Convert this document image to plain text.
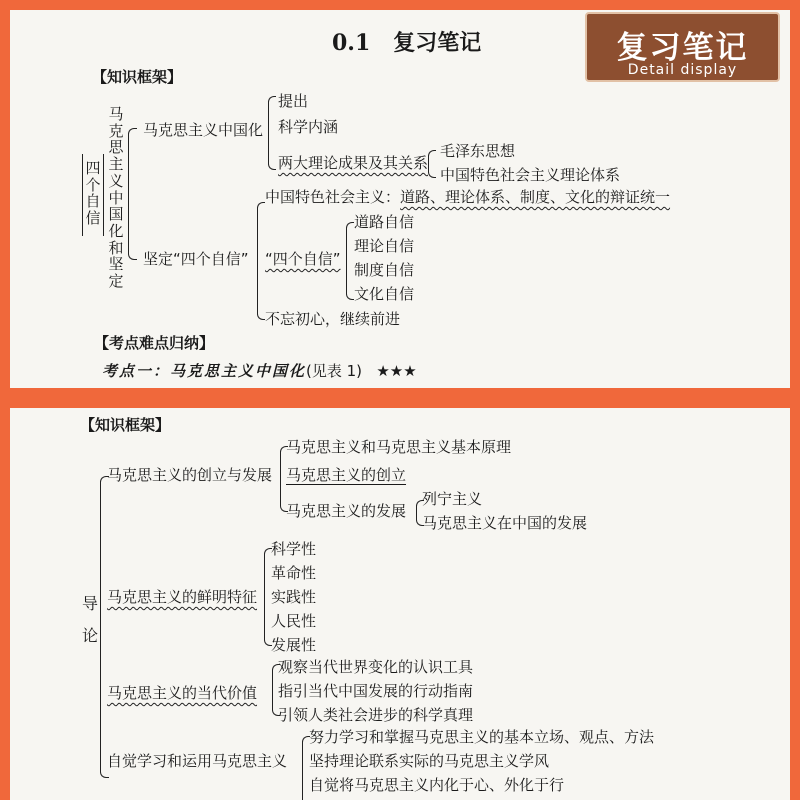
0.1 复习笔记
【知识框架】
马克思主义中国化和坚定
四个自信
马克思主义中国化
提出
科学内涵
两大理论成果及其关系
毛泽东思想
中国特色社会主义理论体系
坚定“四个自信”
中国特色社会主义：道路、理论体系、制度、文化的辩证统一
“四个自信”
道路自信
理论自信
制度自信
文化自信
不忘初心，继续前进
【考点难点归纳】
考点一：马克思主义中国化(见表 1) ★★★
复习笔记
Detail display
【知识框架】
导
论
马克思主义的创立与发展
马克思主义和马克思主义基本原理
马克思主义的创立
马克思主义的发展
列宁主义
马克思主义在中国的发展
马克思主义的鲜明特征
科学性
革命性
实践性
人民性
发展性
马克思主义的当代价值
观察当代世界变化的认识工具
指引当代中国发展的行动指南
引领人类社会进步的科学真理
自觉学习和运用马克思主义
努力学习和掌握马克思主义的基本立场、观点、方法
坚持理论联系实际的马克思主义学风
自觉将马克思主义内化于心、外化于行
